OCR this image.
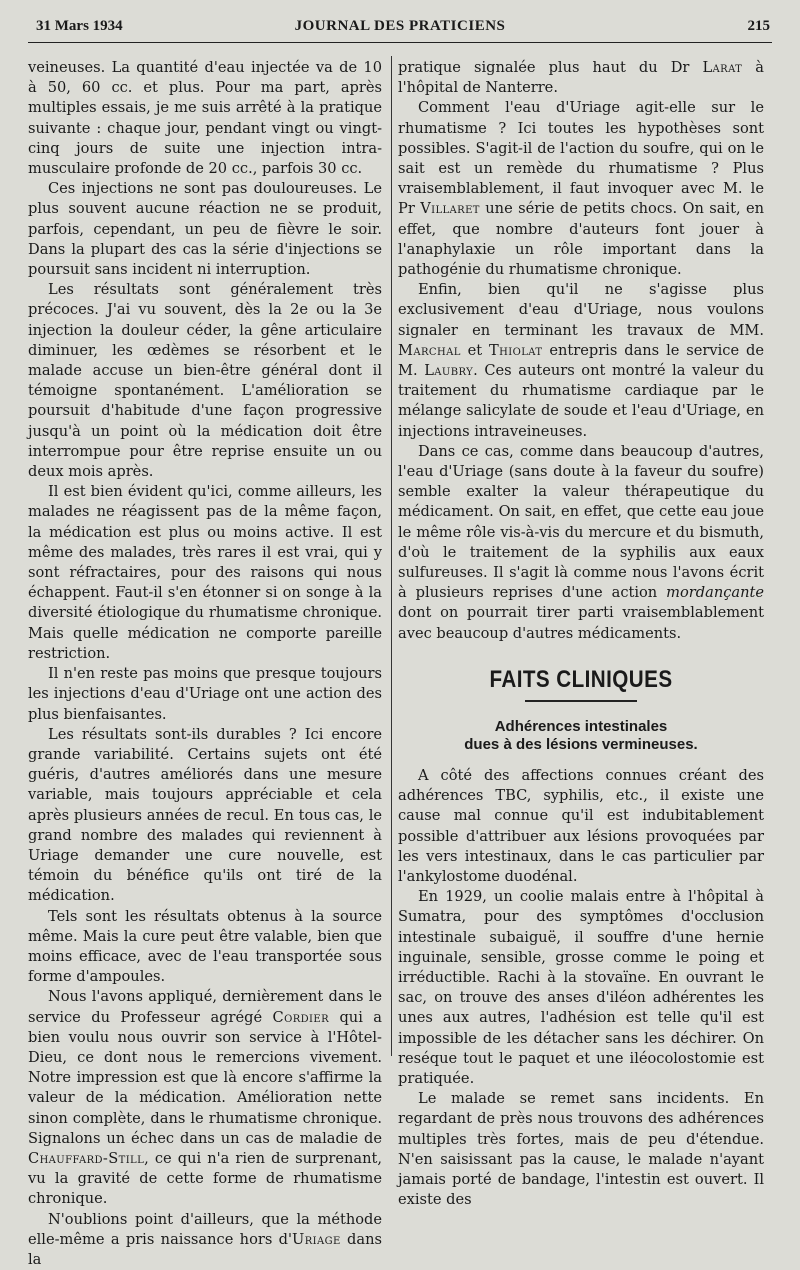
31 Mars 1934	JOURNAL DES PRATICIENS	215

veineuses. La quantité d'eau injectée va de 10 à 50, 60 cc. et plus. Pour ma part, après multiples essais, je me suis arrêté à la pratique suivante : chaque jour, pendant vingt ou vingt-cinq jours de suite une injection intra-musculaire profonde de 20 cc., parfois 30 cc.

Ces injections ne sont pas douloureuses. Le plus souvent aucune réaction ne se produit, parfois, cependant, un peu de fièvre le soir. Dans la plupart des cas la série d'injections se poursuit sans incident ni interruption.

Les résultats sont généralement très précoces. J'ai vu souvent, dès la 2e ou la 3e injection la douleur céder, la gêne articulaire diminuer, les œdèmes se résorbent et le malade accuse un bien-être général dont il témoigne spontanément. L'amélioration se poursuit d'habitude d'une façon progressive jusqu'à un point où la médication doit être interrompue pour être reprise ensuite un ou deux mois après.

Il est bien évident qu'ici, comme ailleurs, les malades ne réagissent pas de la même façon, la médication est plus ou moins active. Il est même des malades, très rares il est vrai, qui y sont réfractaires, pour des raisons qui nous échappent. Faut-il s'en étonner si on songe à la diversité étiologique du rhumatisme chronique. Mais quelle médication ne comporte pareille restriction.

Il n'en reste pas moins que presque toujours les injections d'eau d'Uriage ont une action des plus bienfaisantes.

Les résultats sont-ils durables ? Ici encore grande variabilité. Certains sujets ont été guéris, d'autres améliorés dans une mesure variable, mais toujours appréciable et cela après plusieurs années de recul. En tous cas, le grand nombre des malades qui reviennent à Uriage demander une cure nouvelle, est témoin du bénéfice qu'ils ont tiré de la médication.

Tels sont les résultats obtenus à la source même. Mais la cure peut être valable, bien que moins efficace, avec de l'eau transportée sous forme d'ampoules.

Nous l'avons appliqué, dernièrement dans le service du Professeur agrégé Cordier qui a bien voulu nous ouvrir son service à l'Hôtel-Dieu, ce dont nous le remercions vivement. Notre impression est que là encore s'affirme la valeur de la médication. Amélioration nette sinon complète, dans le rhumatisme chronique. Signalons un échec dans un cas de maladie de Chauffard-Still, ce qui n'a rien de surprenant, vu la gravité de cette forme de rhumatisme chronique.

N'oublions point d'ailleurs, que la méthode elle-même a pris naissance hors d'Uriage dans la

pratique signalée plus haut du Dr Larat à l'hôpital de Nanterre.

Comment l'eau d'Uriage agit-elle sur le rhumatisme ? Ici toutes les hypothèses sont possibles. S'agit-il de l'action du soufre, qui on le sait est un remède du rhumatisme ? Plus vraisemblablement, il faut invoquer avec M. le Pr Villaret une série de petits chocs. On sait, en effet, que nombre d'auteurs font jouer à l'anaphylaxie un rôle important dans la pathogénie du rhumatisme chronique.

Enfin, bien qu'il ne s'agisse plus exclusivement d'eau d'Uriage, nous voulons signaler en terminant les travaux de MM. Marchal et Thiolat entrepris dans le service de M. Laubry. Ces auteurs ont montré la valeur du traitement du rhumatisme cardiaque par le mélange salicylate de soude et l'eau d'Uriage, en injections intraveineuses.

Dans ce cas, comme dans beaucoup d'autres, l'eau d'Uriage (sans doute à la faveur du soufre) semble exalter la valeur thérapeutique du médicament. On sait, en effet, que cette eau joue le même rôle vis-à-vis du mercure et du bismuth, d'où le traitement de la syphilis aux eaux sulfureuses. Il s'agit là comme nous l'avons écrit à plusieurs reprises d'une action mordançante dont on pourrait tirer parti vraisemblablement avec beaucoup d'autres médicaments.

FAITS CLINIQUES
Adhérences intestinales
dues à des lésions vermineuses.

A côté des affections connues créant des adhérences TBC, syphilis, etc., il existe une cause mal connue qu'il est indubitablement possible d'attribuer aux lésions provoquées par les vers intestinaux, dans le cas particulier par l'ankylostome duodénal.

En 1929, un coolie malais entre à l'hôpital à Sumatra, pour des symptômes d'occlusion intestinale subaiguë, il souffre d'une hernie inguinale, sensible, grosse comme le poing et irréductible. Rachi à la stovaïne. En ouvrant le sac, on trouve des anses d'iléon adhérentes les unes aux autres, l'adhésion est telle qu'il est impossible de les détacher sans les déchirer. On reséque tout le paquet et une iléocolostomie est pratiquée.

Le malade se remet sans incidents. En regardant de près nous trouvons des adhérences multiples très fortes, mais de peu d'étendue. N'en saisissant pas la cause, le malade n'ayant jamais porté de bandage, l'intestin est ouvert. Il existe des
